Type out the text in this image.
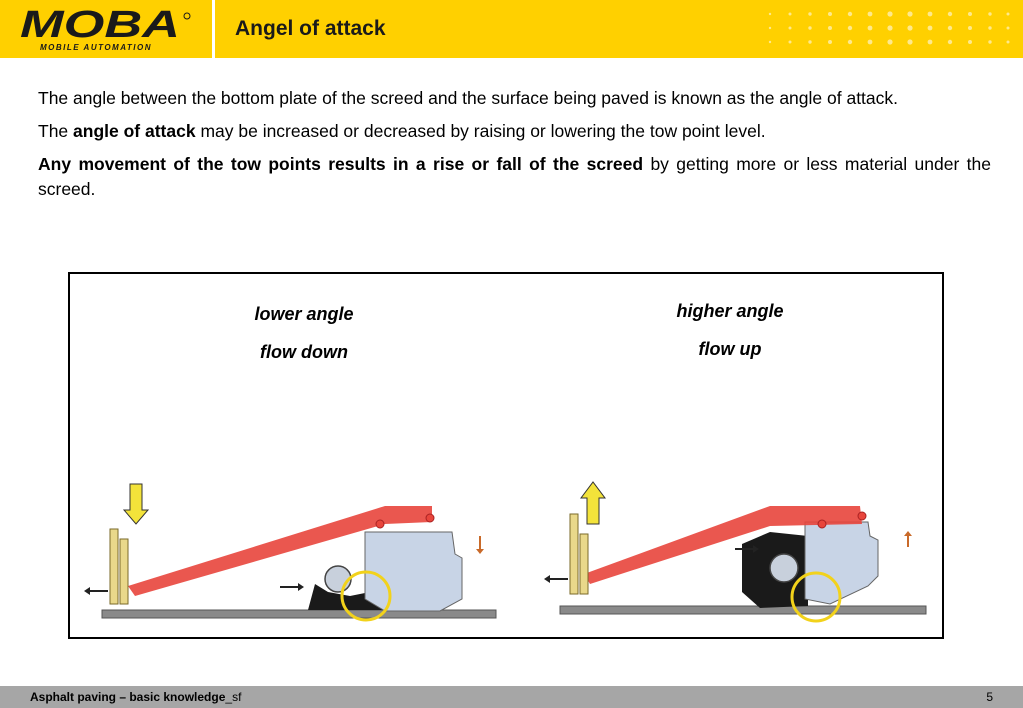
MOBA
MOBILE AUTOMATION
Angel of attack

The angle between the bottom plate of the screed and the surface being paved is known as the angle of attack.

The angle of attack may be increased or decreased by raising or lowering the tow point level.

Any movement of the tow points results in a rise or fall of the screed by getting more or less material under the screed.

lower angle
flow down
higher angle
flow up
Asphalt paving – basic knowledge_sf	5
